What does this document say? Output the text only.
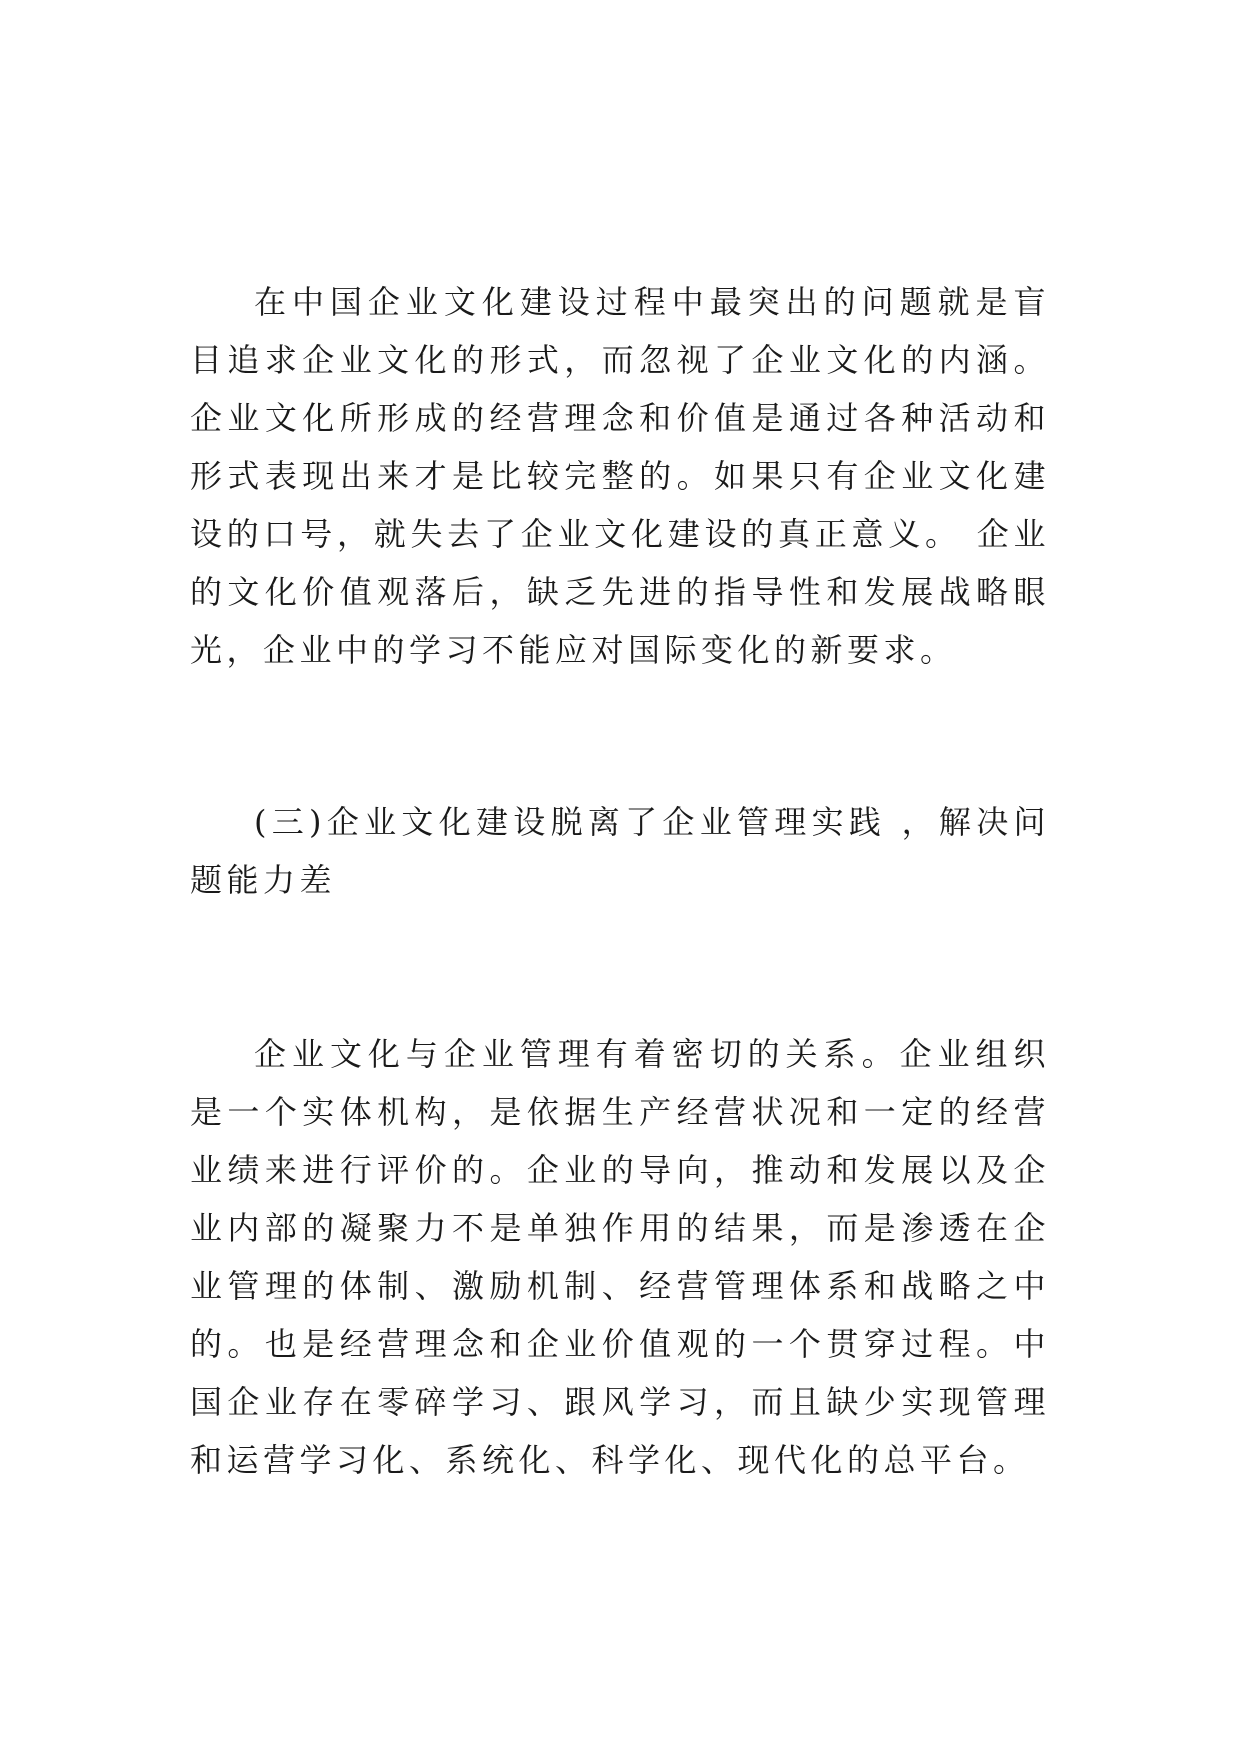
在中国企业文化建设过程中最突出的问题就是盲目追求企业文化的形式，而忽视了企业文化的内涵。企业文化所形成的经营理念和价值是通过各种活动和形式表现出来才是比较完整的。如果只有企业文化建设的口号，就失去了企业文化建设的真正意义。 企业的文化价值观落后，缺乏先进的指导性和发展战略眼光，企业中的学习不能应对国际变化的新要求。

(三)企业文化建设脱离了企业管理实践 ，解决问题能力差

企业文化与企业管理有着密切的关系。企业组织是一个实体机构，是依据生产经营状况和一定的经营业绩来进行评价的。企业的导向，推动和发展以及企业内部的凝聚力不是单独作用的结果，而是渗透在企业管理的体制、激励机制、经营管理体系和战略之中的。也是经营理念和企业价值观的一个贯穿过程。中国企业存在零碎学习、跟风学习，而且缺少实现管理和运营学习化、系统化、科学化、现代化的总平台。
